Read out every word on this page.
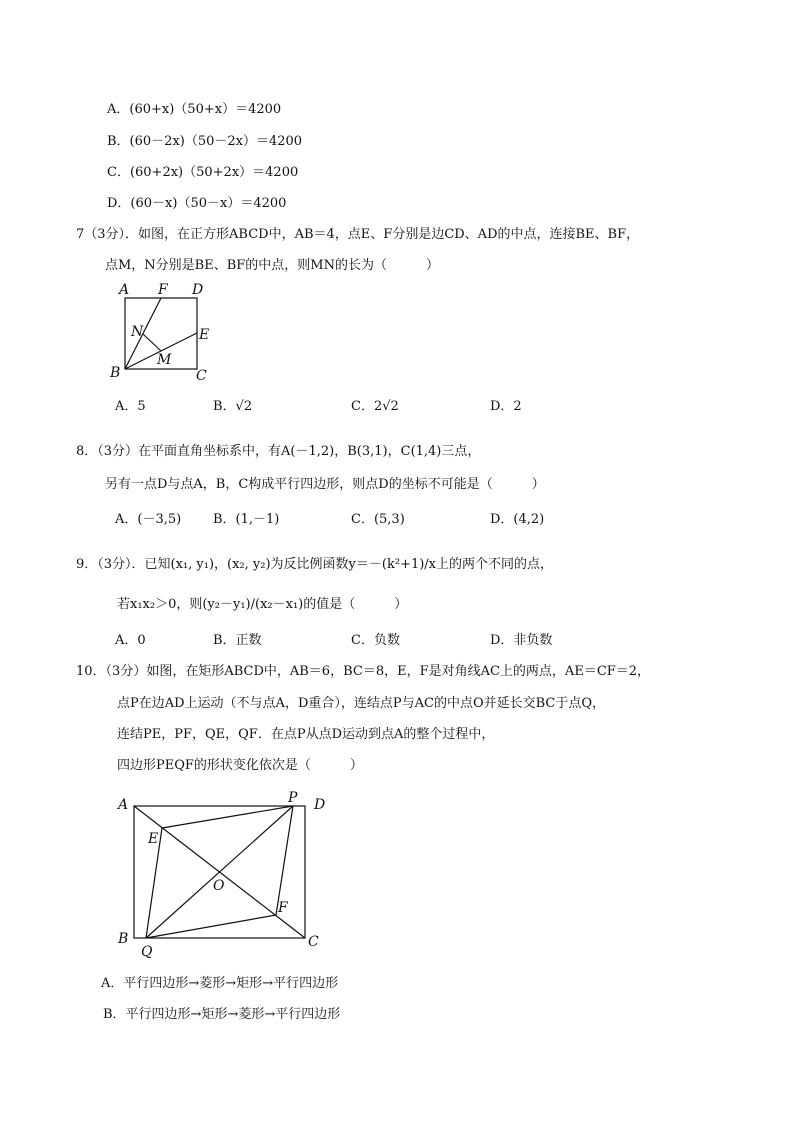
A．(60+x)（50+x）＝4200
B．(60－2x)（50－2x）＝4200
C．(60+2x)（50+2x）＝4200
D．(60－x)（50－x）＝4200
7（3分）．如图，在正方形ABCD中，AB＝4，点E、F分别是边CD、AD的中点，连接BE、BF，
点M，N分别是BE、BF的中点，则MN的长为（　　　）
A F D
N	E
M
B	C
A．5	B．√2	C．2√2	D．2
8．（3分）在平面直角坐标系中，有A(－1,2)，B(3,1)，C(1,4)三点，
另有一点D与点A，B，C构成平行四边形，则点D的坐标不可能是（　　　）
A．(－3,5) B．(1,－1)	C．(5,3)	D．(4,2)
9．（3分）．已知(x₁, y₁)，(x₂, y₂)为反比例函数y＝－(k²+1)/x上的两个不同的点，
若x₁x₂＞0，则(y₂－y₁)/(x₂－x₁)的值是（　　　）
A．0	B．正数	C．负数	D．非负数
10．（3分）如图，在矩形ABCD中，AB＝6，BC＝8，E，F是对角线AC上的两点，AE＝CF＝2，
点P在边AD上运动（不与点A，D重合），连结点P与AC的中点O并延长交BC于点Q，
连结PE，PF，QE，QF．在点P从点D运动到点A的整个过程中，
四边形PEQF的形状变化依次是（　　　）
A	P D
E
O
F
B
Q
C
A．平行四边形→菱形→矩形→平行四边形
B．平行四边形→矩形→菱形→平行四边形
